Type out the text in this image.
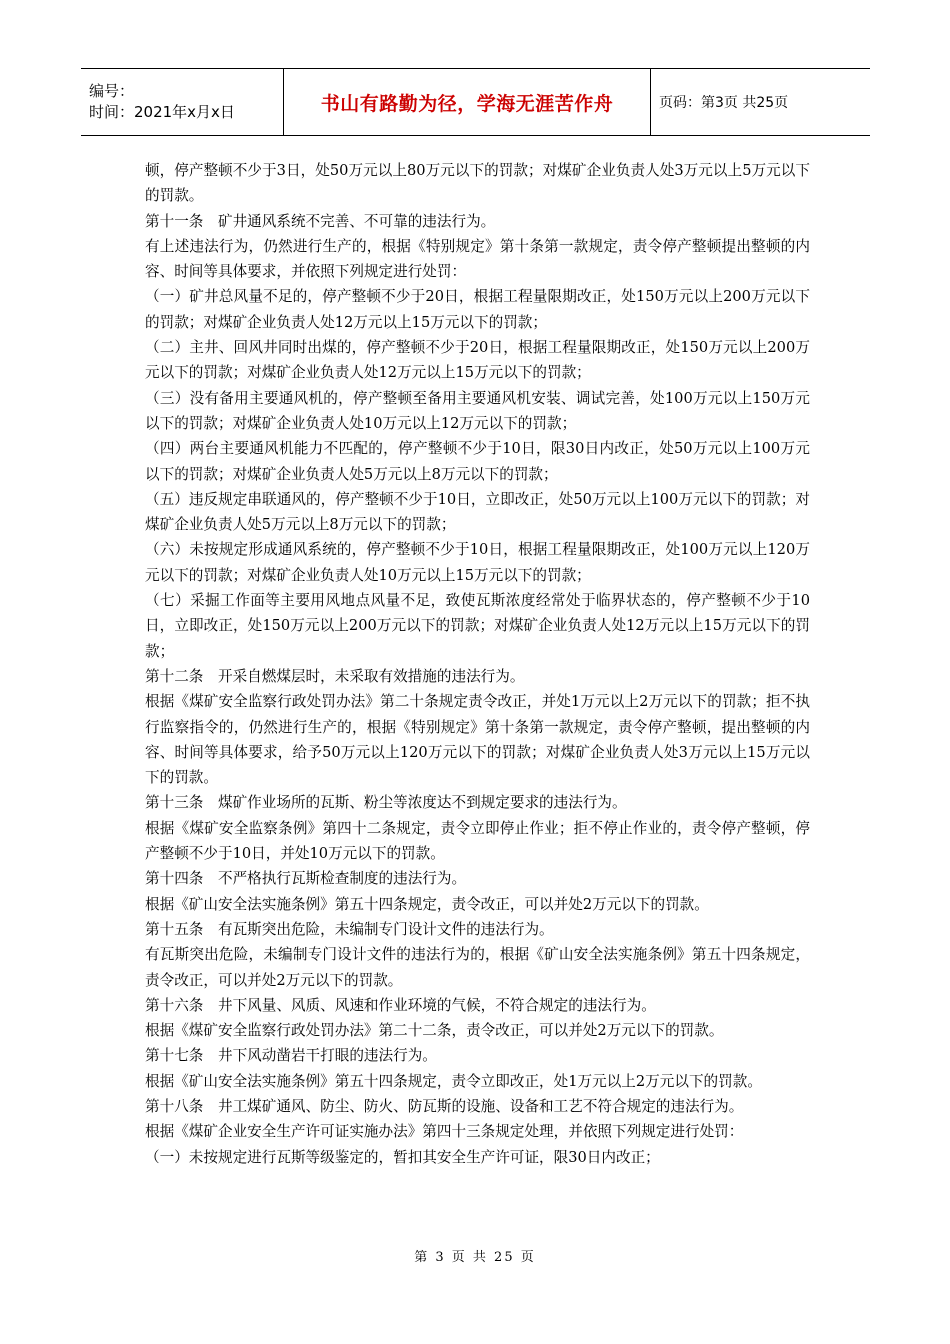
编号：
时间：2021年x月x日	书山有路勤为径，学海无涯苦作舟	页码：第3页 共25页

顿，停产整顿不少于3日，处50万元以上80万元以下的罚款；对煤矿企业负责人处3万元以上5万元以下的罚款。

第十一条　矿井通风系统不完善、不可靠的违法行为。

有上述违法行为，仍然进行生产的，根据《特别规定》第十条第一款规定，责令停产整顿提出整顿的内容、时间等具体要求，并依照下列规定进行处罚：

（一）矿井总风量不足的，停产整顿不少于20日，根据工程量限期改正，处150万元以上200万元以下的罚款；对煤矿企业负责人处12万元以上15万元以下的罚款；

（二）主井、回风井同时出煤的，停产整顿不少于20日，根据工程量限期改正，处150万元以上200万元以下的罚款；对煤矿企业负责人处12万元以上15万元以下的罚款；

（三）没有备用主要通风机的，停产整顿至备用主要通风机安装、调试完善，处100万元以上150万元以下的罚款；对煤矿企业负责人处10万元以上12万元以下的罚款；

（四）两台主要通风机能力不匹配的，停产整顿不少于10日，限30日内改正，处50万元以上100万元以下的罚款；对煤矿企业负责人处5万元以上8万元以下的罚款；

（五）违反规定串联通风的，停产整顿不少于10日，立即改正，处50万元以上100万元以下的罚款；对煤矿企业负责人处5万元以上8万元以下的罚款；

（六）未按规定形成通风系统的，停产整顿不少于10日，根据工程量限期改正，处100万元以上120万元以下的罚款；对煤矿企业负责人处10万元以上15万元以下的罚款；

（七）采掘工作面等主要用风地点风量不足，致使瓦斯浓度经常处于临界状态的，停产整顿不少于10日，立即改正，处150万元以上200万元以下的罚款；对煤矿企业负责人处12万元以上15万元以下的罚款；

第十二条　开采自燃煤层时，未采取有效措施的违法行为。

根据《煤矿安全监察行政处罚办法》第二十条规定责令改正，并处1万元以上2万元以下的罚款；拒不执行监察指令的，仍然进行生产的，根据《特别规定》第十条第一款规定，责令停产整顿，提出整顿的内容、时间等具体要求，给予50万元以上120万元以下的罚款；对煤矿企业负责人处3万元以上15万元以下的罚款。

第十三条　煤矿作业场所的瓦斯、粉尘等浓度达不到规定要求的违法行为。

根据《煤矿安全监察条例》第四十二条规定，责令立即停止作业；拒不停止作业的，责令停产整顿，停产整顿不少于10日，并处10万元以下的罚款。

第十四条　不严格执行瓦斯检查制度的违法行为。

根据《矿山安全法实施条例》第五十四条规定，责令改正，可以并处2万元以下的罚款。

第十五条　有瓦斯突出危险，未编制专门设计文件的违法行为。

有瓦斯突出危险，未编制专门设计文件的违法行为的，根据《矿山安全法实施条例》第五十四条规定，责令改正，可以并处2万元以下的罚款。

第十六条　井下风量、风质、风速和作业环境的气候，不符合规定的违法行为。

根据《煤矿安全监察行政处罚办法》第二十二条，责令改正，可以并处2万元以下的罚款。

第十七条　井下风动凿岩干打眼的违法行为。

根据《矿山安全法实施条例》第五十四条规定，责令立即改正，处1万元以上2万元以下的罚款。

第十八条　井工煤矿通风、防尘、防火、防瓦斯的设施、设备和工艺不符合规定的违法行为。

根据《煤矿企业安全生产许可证实施办法》第四十三条规定处理，并依照下列规定进行处罚：

（一）未按规定进行瓦斯等级鉴定的，暂扣其安全生产许可证，限30日内改正；

第 3 页 共 25 页
